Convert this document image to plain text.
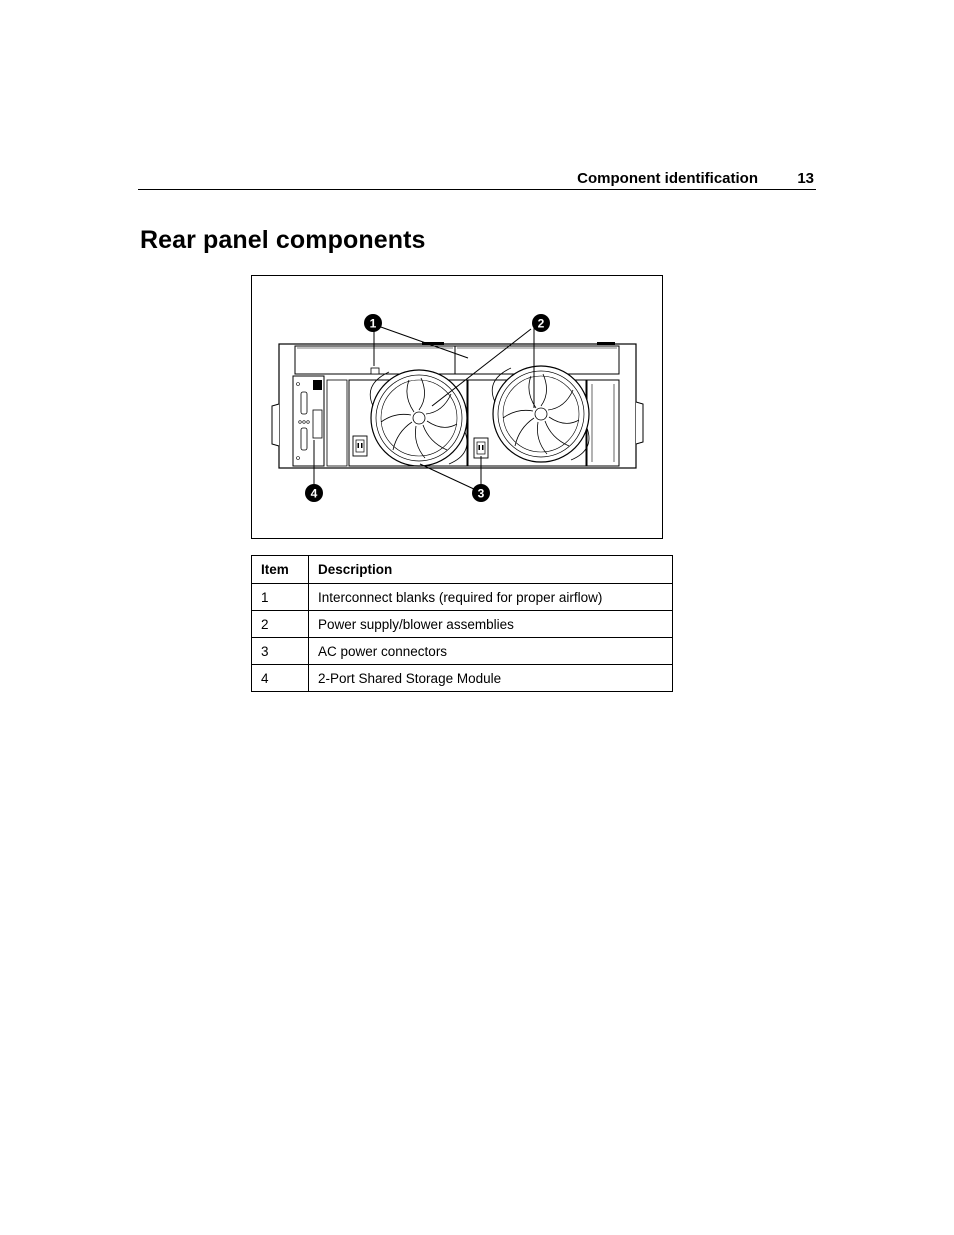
Component identification	13
Rear panel components
1	2
3
4
Item	Description
1	Interconnect blanks (required for proper airflow)
2	Power supply/blower assemblies
3	AC power connectors
4	2-Port Shared Storage Module
